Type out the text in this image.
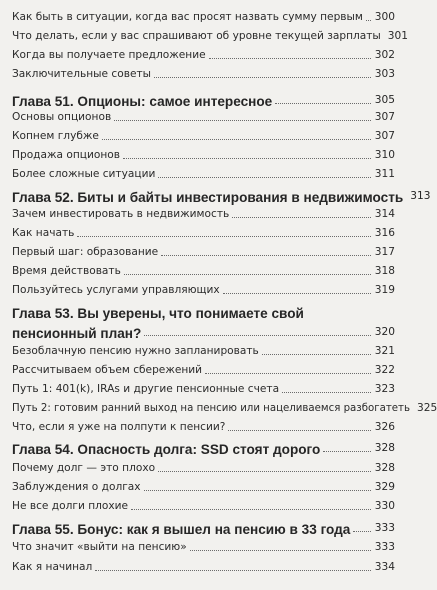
Как быть в ситуации, когда вас просят назвать сумму первым	300
Что делать, если у вас спрашивают об уровне текущей зарплаты 301
Когда вы получаете предложение	302
Заключительные советы	303
Глава 51. Опционы: самое интересное	305
Основы опционов	307
Копнем глубже	307
Продажа опционов	310
Более сложные ситуации	311
Глава 52. Биты и байты инвестирования в недвижимость 313
Зачем инвестировать в недвижимость	314
Как начать	316
Первый шаг: образование	317
Время действовать	318
Пользуйтесь услугами управляющих	319
Глава 53. Вы уверены, что понимаете свой
пенсионный план?	320
Безоблачную пенсию нужно запланировать	321
Рассчитываем объем сбережений	322
Путь 1: 401(k), IRAs и другие пенсионные счета	323
Путь 2: готовим ранний выход на пенсию или нацеливаемся разбогатеть 325
Что, если я уже на полпути к пенсии?	326
Глава 54. Опасность долга: SSD стоят дорого	328
Почему долг — это плохо	328
Заблуждения о долгах	329
Не все долги плохие	330
Глава 55. Бонус: как я вышел на пенсию в 33 года	333
Что значит «выйти на пенсию»	333
Как я начинал	334
